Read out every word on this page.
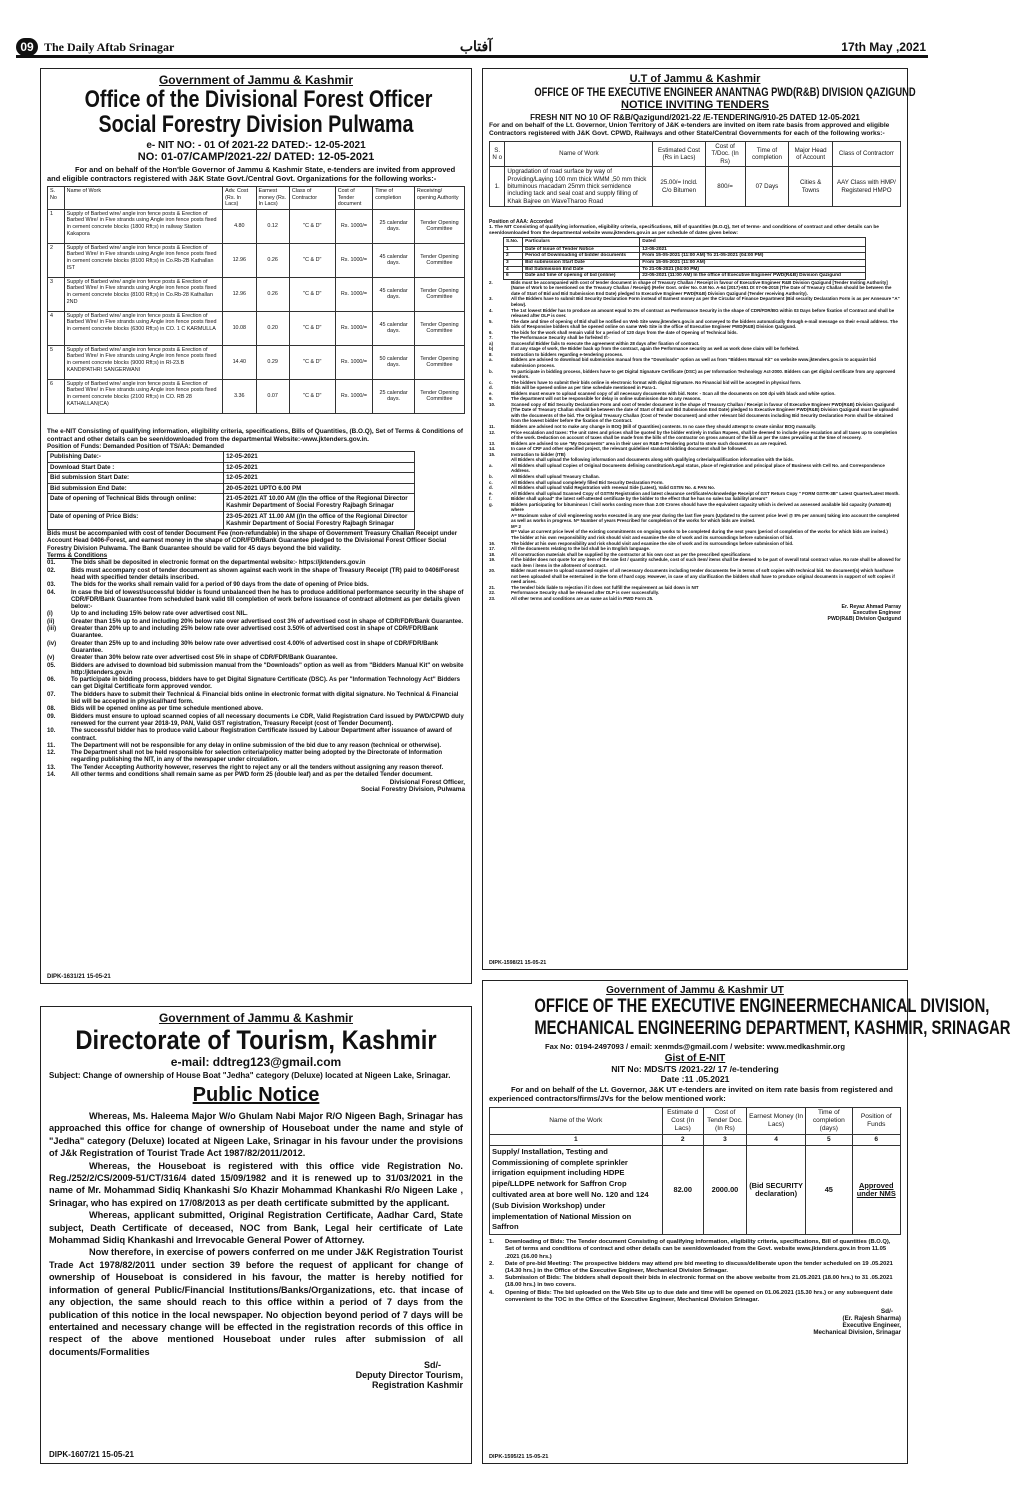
09 The Daily Aftab Srinagar	آفتاب	17th May ,2021
Government of Jammu & Kashmir
Office of the Divisional Forest Officer
Social Forestry Division Pulwama
e- NIT NO: - 01 Of 2021-22 DATED:- 12-05-2021
NO: 01-07/CAMP/2021-22/ DATED: 12-05-2021
For and on behalf of the Hon'ble Governor of Jammu & Kashmir State, e-tenders are invited from approved and eligible contractors registered with J&K State Govt./Central Govt. Organizations for the following works:-
S. No	Name of Work	Adv. Cost (Rs. In Lacs)	Earnest money (Rs. In Lacs)	Class of Contractor	Cost of Tender document	Time of completion	Receiving/ opening Authority
1	Supply of Barbed wire/ angle iron fence posts & Erection of Barbed Wire/ in Five strands using Angle iron fence posts fixed in cement concrete blocks (1800 Rft;s) in railway Station Kakapora	4.80	0.12	"C & D"	Rs. 1000/=	25 calendar days.	Tender Opening Committee
2	Supply of Barbed wire/ angle iron fence posts & Erection of Barbed Wire/ in Five strands using Angle iron fence posts fixed in cement concrete blocks (8100 Rft;s) in Co.Rb-2B Kathallan IST	12.96	0.26	"C & D"	Rs. 1000/=	45 calendar days.	Tender Opening Committee
3	Supply of Barbed wire/ angle iron fence posts & Erection of Barbed Wire/ in Five strands using Angle iron fence posts fixed in cement concrete blocks (8100 Rft;s) in Co.Rb-28 Kathallan 2ND	12.96	0.26	"C & D"	Rs. 1000/=	45 calendar days.	Tender Opening Committee
4	Supply of Barbed wire/ angle iron fence posts & Erection of Barbed Wire/ in Five strands using Angle iron fence posts fixed in cement concrete blocks (6300 Rft;s) in CO. 1 C KARMULLA	10.08	0.20	"C & D"	Rs. 1000/=	45 calendar days.	Tender Opening Committee
5	Supply of Barbed wire/ angle iron fence posts & Erection of Barbed Wire/ in Five strands using Angle iron fence posts fixed in cement concrete blocks (9000 Rft;s) in RI-23.B KANDIPATHRI SANGERWANI	14.40	0.29	"C & D"	Rs. 1000/=	50 calendar days.	Tender Opening Committee
6	Supply of Barbed wire/ angle iron fence posts & Erection of Barbed Wire/ in Five strands using Angle iron fence posts fixed in cement concrete blocks (2100 Rft;s) in CO. RB 28 KATHALLAN(CA)	3.36	0.07	"C & D"	Rs. 1000/=	25 calendar days.	Tender Opening Committee
The e-NIT Consisting of qualifying information, eligibility criteria, specifications, Bills of Quantities, (B.O.Q), Set of Terms & Conditions of contract and other details can be seen/downloaded from the departmental Website:-www.jktenders.gov.in.
Position of Funds: Demanded Position of TS/AA: Demanded
Publishing Date:-	12-05-2021
Download Start Date :	12-05-2021
Bid submission Start Date:	12-05-2021
Bid submission End Date:	20-05-2021 UPTO 6.00 PM
Date of opening of Technical Bids through online:	21-05-2021 AT 10.00 AM ((In the office of the Regional Director Kashmir Department of Social Forestry Rajbagh Srinagar
Date of opening of Price Bids:	23-05-2021 AT 11.00 AM ((In the office of the Regional Director Kashmir Department of Social Forestry Rajbagh Srinagar
Bids must be accompanied with cost of tender Document Fee (non-refundable) in the shape of Government Treasury Challan Receipt under Account Head 0406-Forest, and earnest money in the shape of CDR/FDR/Bank Guarantee pledged to the Divisional Forest Officer Social Forestry Division Pulwama. The Bank Guarantee should be valid for 45 days beyond the bid validity.
Terms & Conditions
01.	The bids shall be deposited in electronic format on the departmental website:- https://jktenders.gov.in
02.	Bids must accompany cost of tender document as shown against each work in the shape of Treasury Receipt (TR) paid to 0406/Forest head with specified tender details inscribed.
03.	The bids for the works shall remain valid for a period of 90 days from the date of opening of Price bids.
04.	In case the bid of lowest/successful bidder is found unbalanced then he has to produce additional performance security in the shape of CDR/FDR/Bank Guarantee from scheduled bank valid till completion of work before issuance of contract allotment as per details given below:-
(i)	Up to and including 15% below rate over advertised cost NIL.
(ii)	Greater than 15% up to and including 20% below rate over advertised cost 3% of advertised cost in shape of CDR/FDR/Bank Guarantee.
(iii)	Greater than 20% up to and including 25% below rate over advertised cost 3.50% of advertised cost in shape of CDR/FDR/Bank Guarantee.
(iv)	Greater than 25% up to and including 30% below rate over advertised cost 4.00% of advertised cost in shape of CDR/FDR/Bank Guarantee.
(v)	Greater than 30% below rate over advertised cost 5% in shape of CDR/FDR/Bank Guarantee.
05.	Bidders are advised to download bid submission manual from the "Downloads" option as well as from "Bidders Manual Kit" on website http:/jktenders.gov.in
06.	To participate in bidding process, bidders have to get Digital Signature Certificate (DSC). As per "Information Technology Act" Bidders can get Digital Certificate form approved vendor.
07.	The bidders have to submit their Technical & Financial bids online in electronic format with digital signature. No Technical & Financial bid will be accepted in physical/hard form.
08.	Bids will be opened online as per time schedule mentioned above.
09.	Bidders must ensure to upload scanned copies of all necessary documents i.e CDR, Valid Registration Card issued by PWD/CPWD duly renewed for the current year 2018-19, PAN, Valid GST registration, Treasury Receipt (cost of Tender Document).
10.	The successful bidder has to produce valid Labour Registration Certificate issued by Labour Department after issuance of award of contract.
11.	The Department will not be responsible for any delay in online submission of the bid due to any reason (technical or otherwise).
12.	The Department shall not be held responsible for selection criteria/policy matter being adopted by the Directorate of Information regarding publishing the NIT, in any of the newspaper under circulation.
13.	The Tender Accepting Authority however, reserves the right to reject any or all the tenders without assigning any reason thereof.
14.	All other terms and conditions shall remain same as per PWD form 25 (double leaf) and as per the detailed Tender document.
Divisional Forest Officer,
Social Forestry Division, Pulwama
DIPK-1631/21 15-05-21
Government of Jammu & Kashmir
Directorate of Tourism, Kashmir
e-mail: ddtreg123@gmail.com
Subject: Change of ownership of House Boat "Jedha" category (Deluxe) located at Nigeen Lake, Srinagar.
Public Notice
Whereas, Ms. Haleema Major W/o Ghulam Nabi Major R/O Nigeen Bagh, Srinagar has approached this office for change of ownership of Houseboat under the name and style of "Jedha" category (Deluxe) located at Nigeen Lake, Srinagar in his favour under the provisions of J&k Registration of Tourist Trade Act 1987/82/2011/2012.
Whereas, the Houseboat is registered with this office vide Registration No. Reg./252/2/CS/2009-51/CT/316/4 dated 15/09/1982 and it is renewed up to 31/03/2021 in the name of Mr. Mohammad Sidiq Khankashi S/o Khazir Mohammad Khankashi R/o Nigeen Lake , Srinagar, who has expired on 17/08/2013 as per death certificate submitted by the applicant.
Whereas, applicant submitted, Original Registration Certificate, Aadhar Card, State subject, Death Certificate of deceased, NOC from Bank, Legal heir certificate of Late Mohammad Sidiq Khankashi and Irrevocable General Power of Attorney.
Now therefore, in exercise of powers conferred on me under J&K Registration Tourist Trade Act 1978/82/2011 under section 39 before the request of applicant for change of ownership of Houseboat is considered in his favour, the matter is hereby notified for information of general Public/Financial Institutions/Banks/Organizations, etc. that incase of any objection, the same should reach to this office within a period of 7 days from the publication of this notice in the local newspaper. No objection beyond period of 7 days will be entertained and necessary change will be effected in the registration records of this office in respect of the above mentioned Houseboat under rules after submission of all documents/Formalities
Sd/-
Deputy Director Tourism,
Registration Kashmir
DIPK-1607/21 15-05-21
U.T of Jammu & Kashmir
OFFICE OF THE EXECUTIVE ENGINEER ANANTNAG PWD(R&B) DIVISION QAZIGUND
NOTICE INVITING TENDERS
FRESH NIT NO 10 OF R&B/Qazigund/2021-22 /E-TENDERING/910-25 DATED 12-05-2021
For and on behalf of the Lt. Governor, Union Territory of J&K e-tenders are invited on item rate basis from approved and eligible Contractors registered with J&K Govt. CPWD, Railways and other State/Central Governments for each of the following works:-
S. N o	Name of Work	Estimated Cost (Rs in Lacs)	Cost of T/Doc. (In Rs)	Time of completion	Major Head of Account	Class of Contractorr
1.	Upgradation of road surface by way of Providing/Laying 100 mm thick WMM ,50 mm thick bituminous macadam 25mm thick semidence including tack and seal coat and supply filling of Khak Bajree on WaveTharoo Road	25.00/= Incld. C/o Bitumen	800/=	07 Days	Cities & Towns	AAY Class with HMP/ Registered HMPO
Position of AAA: Accorded
1. The NIT Consisting of qualifying information, eligibility criteria, specifications, Bill of quantities (B.O.Q), Set of terms- and conditions of contract and other details can be seen/downloaded from the departmental website www.jktenders.gov.in as per schedule of dates given below:
S.No.	Particulars	Dated
1	Date of Issue of Tender Notice	12-05-2021
2	Period of Downloading of bidder documents	From 15-05-2021 (11:00 AM) To 21-05-2021 (04:00 PM)
3	Bid submission Start Date	From 15-05-2021 (11:00 AM)
4	Bid Submission End Date	To 21-05-2021 (04:00 PM)
6	Date and time of opening of bid (online)	22-05-2021 (11:00 AM) In the office of Executive Engineer PWD(R&B) Division Qazigund
2.	Bids must be accompanied with cost of tender document in shape of Treasury Challan / Receipt in favour of Executive Engineer R&B Division Qazigund [Tender Inviting Authority] (Name of Work to be mentioned on the Treasury Challan / Receipt) (Refer Govt. order No. 0.M No. A-64 (2017)-651 Dt 07-06-2018 (The Date of Treasury Challan should be between the date of Start of Bid and Bid Submission End Date) pledged to Executive Engineer PWD(R&B) Division Qazigund (Tender receiving Authority).
3.	All the Bidders have to submit Bid Security Declaration Form instead of Earnest money as per the Circular of Finance Department (Bid security Declaration Form is as per Annexure "A" below).
4.	The 1st lowest Bidder has to produce an amount equal to 3% of contract as Performance Security in the shape of CDR/FDR/BG within 03 Days before fixation of Contract and shall be released after DLP is over.
5.	The date and time of opening of Bid shall be notified on Web Site www.jktenders.gov.in and conveyed to the bidders automatically through e-mail message on their e-mail address. The bids of Responsive bidders shall be opened online on same Web Site in the office of Executive Engineer PWD(R&B) Division Qazigund.
6.	The bids for the work shall remain valid for a period of 120 days from the date of Opening of Technical bids.
7.	The Performance Security shall be forfeited If:-
a)	Successful Bidder fails to execute the agreement within 28 days after fixation of contract.
b)	If at any stage of work, the Bidder back up from the contract, again the Performance security as well as work done claim will be forfeited.
8.	Instruction to bidders regarding e-tendering process.
a.	Bidders are advised to download bid submission manual from the "Downloads" option as well as from "Bidders Manual Kit" on website www.jktenders.gov.in to acquaint bid submission process.
b.	To participate in bidding process, bidders have to get Digital Signature Certificate (DSC) as per Information Technology Act-2000. Bidders can get digital certificate from any approved vendors.
c.	The bidders have to submit their bids online in electronic format with digital Signature. No Financial bid will be accepted in physical form.
d.	Bids will be opened online as per time schedule mentioned in Para-1.
e.	Bidders must ensure to upload scanned copy of all necessary documents with bid. Note: - Scan all the documents on 100 dpi with black and white option.
9.	The department will not be responsible for delay in online submission due to any reasons.
10.	Scanned copy of Bid Security Declaration Form and cost of tender document in the shape of Treasury Challan / Receipt in favour of Executive Engineer PWD(R&B) Division Qazigund (The Date of Treasury Challan should be between the date of Start of Bid and Bid Submission End Date) pledged to Executive Engineer PWD(R&B) Division Qazigund must be uploaded with the documents of the bid. The Original Treasury Challan (Cost of Tender Document) and other relevant bid documents including Bid Security Declaration Form shall be obtained from the lowest bidder before the fixation of the Contract.
11.	Bidders are advised not to make any change in BOQ (Bill of Quantities) contents. In no case they should attempt to create similar BOQ manually.
12.	Price escalation and taxes: The unit rates and prices shall be quoted by the bidder entirely in Indian Rupees, shall be deemed to include price escalation and all taxes up to completion of the work. Deduction on account of taxes shall be made from the bills of the contractor on gross amount of the bill as per the rates prevailing at the time of recovery.
13.	Bidders are advised to use "My Documents" area in their user on R&B e-Tendering portal to store such documents as are required.
14.	In case of CRF and other specified project, the relevant guideline/ standard bidding document shall be followed.
15.	Instruction to bidder (ITB)
All Bidders shall upload the following information and documents along with qualifying criteria/qualification information with the bids.
a.	All Bidders shall upload Copies of Original Documents defining constitution/Legal status, place of registration and principal place of Business with Cell No. and Correspondence Address.
b.	All Bidders shall upload Treasury Challan.
c.	All Bidders shall upload completely filled Bid Security Declaration Form.
d.	All Bidders shall upload Valid Registration with renewal Side (Latest), Valid GSTIN No. & PAN No.
e.	All Bidders shall upload Scanned Copy of GSTIN Registration and latest clearance certificate/Acknowledge Receipt of GST Return Copy " FORM GSTR-3B" Latest Quarter/Latest Month.
f.	Bidder shall upload" the latest self-attested certificate by the bidder to the effect that he has no sales tax liability/ arrears"
g.	Bidders participating for bituminous / Civil works costing more than 2.00 Crores should have the equivalent capacity which is derived as assessed available bid capacity (AxNxM-B) where
A= Maximum value of civil engineering works executed in any one year during the last five years (Updated to the current price level @ 8% per annum) taking into account the completed as well as works in progress. N= Number of years Prescribed for completion of the works for which bids are invited.
M= 2
B= Value at current price level of the existing commitments on ongoing works to be completed during the next years (period of completion of the works for which bids are invited.)
The bidder at his own responsibility and risk should visit and examine the site of work and its surroundings before submission of bid.
16.	The bidder at his own responsibility and risk should visit and examine the site of work and its surroundings before submission of bid.
17.	All the documents relating to the bid shall be in English language.
18.	All construction materials shall be supplied by the contractor at his own cost as per the prescribed specifications
19.	If the bidder does not quote for any item of the rate list / quantity schedule, cost of such item/ items shall be deemed to be part of overall total contract value. No rate shall be allowed for such item / items in the allotment of contract.
20.	Bidder must ensure to upload scanned copies of all necessary documents including tender documents fee in terms of soft copies with technical bid. No document(s) which has/have not been uploaded shall be entertained in the form of hard copy. However, in case of any clarification the bidders shall have to produce original documents in support of soft copies if need arises.
21.	The tender/ bids liable to rejection if it does not fulfill the requirement as laid down in NIT
22.	Performance Security shall be released after DLP is over successfully.
23.	All other terms and conditions are as same as laid in PWD Form 25.
Er. Reyaz Ahmad Parray
Executive Engineer
PWD(R&B) Division Qazigund
DIPK-1598/21 15-05-21
Government of Jammu & Kashmir UT
OFFICE OF THE EXECUTIVE ENGINEERMECHANICAL DIVISION,
MECHANICAL ENGINEERING DEPARTMENT, KASHMIR, SRINAGAR
Fax No: 0194-2497093 / email: xenmds@gmail.com / website: www.medkashmir.org
Gist of E-NIT
NIT No: MDS/TS /2021-22/ 17 /e-tendering
Date :11 .05.2021
For and on behalf of the Lt. Governor, J&K UT e-tenders are invited on item rate basis from registered and experienced contractors/firms/JVs for the below mentioned work:
Name of the Work	Estimate d Cost (In Lacs)	Cost of Tender Doc. (In Rs)	Earnest Money (In Lacs)	Time of completion (days)	Position of Funds
1	2	3	4	5	6
Supply/ Installation, Testing and Commissioning of complete sprinkler irrigation equipment including HDPE pipe/LLDPE network for Saffron Crop cultivated area at bore well No. 120 and 124 (Sub Division Workshop) under implementation of National Mission on Saffron	82.00	2000.00	(Bid SECURITY declaration)	45	Approved under NMS
1.	Downloading of Bids: The Tender document Consisting of qualifying information, eligibility criteria, specifications, Bill of quantities (B.O.Q), Set of terms and conditions of contract and other details can be seen/downloaded from the Govt. website www.jktenders.gov.in from 11.05 .2021 (16.00 hrs.)
2.	Date of pre-bid Meeting: The prospective bidders may attend pre bid meeting to discuss/deliberate upon the tender scheduled on 19 .05.2021 (14.30 hrs.) in the Office of the Executive Engineer, Mechanical Division Srinagar.
3.	Submission of Bids: The bidders shall deposit their bids in electronic format on the above website from 21.05.2021 (18.00 hrs.) to 31 .05.2021 (18.00 hrs.) in two covers.
4.	Opening of Bids: The bid uploaded on the Web Site up to due date and time will be opened on 01.06.2021 (15.30 hrs.) or any subsequent date convenient to the TOC in the Office of the Executive Engineer, Mechanical Division Srinagar.
Sd/-
(Er. Rajesh Sharma)
Executive Engineer,
Mechanical Division, Srinagar
DIPK-1595/21 15-05-21
